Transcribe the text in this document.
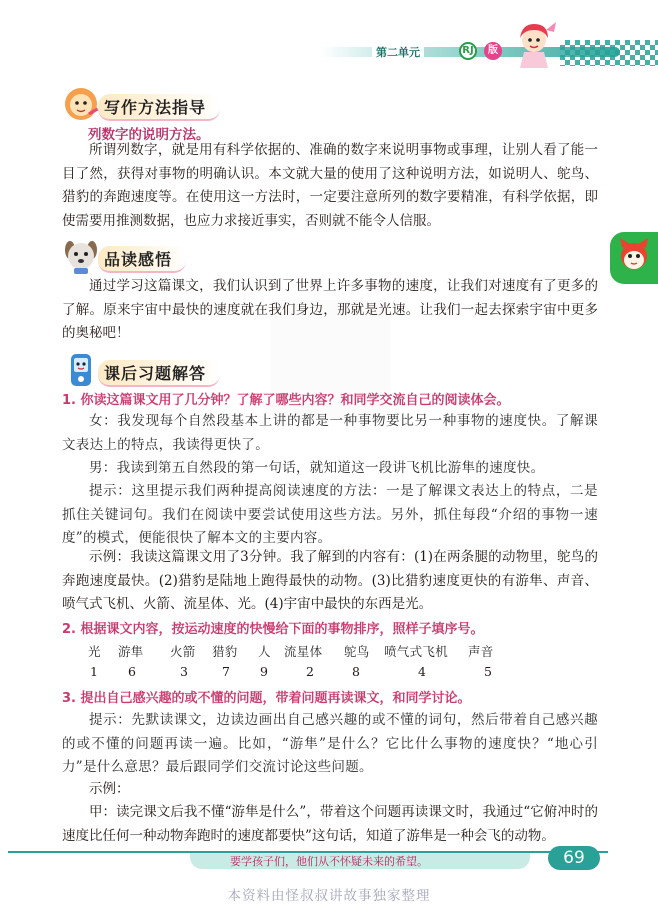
第二单元	RJ	版
写作方法指导
列数字的说明方法。

所谓列数字，就是用有科学依据的、准确的数字来说明事物或事理，让别人看了能一目了然，获得对事物的明确认识。本文就大量的使用了这种说明方法，如说明人、鸵鸟、猎豹的奔跑速度等。在使用这一方法时，一定要注意所列的数字要精准，有科学依据，即使需要用推测数据，也应力求接近事实，否则就不能令人信服。

品读感悟

通过学习这篇课文，我们认识到了世界上许多事物的速度，让我们对速度有了更多的了解。原来宇宙中最快的速度就在我们身边，那就是光速。让我们一起去探索宇宙中更多的奥秘吧！

课后习题解答
1. 你读这篇课文用了几分钟？了解了哪些内容？和同学交流自己的阅读体会。

女：我发现每个自然段基本上讲的都是一种事物要比另一种事物的速度快。了解课文表达上的特点，我读得更快了。

男：我读到第五自然段的第一句话，就知道这一段讲飞机比游隼的速度快。

提示：这里提示我们两种提高阅读速度的方法：一是了解课文表达上的特点，二是抓住关键词句。我们在阅读中要尝试使用这些方法。另外，抓住每段“介绍的事物一速度”的模式，便能很快了解本文的主要内容。

示例：我读这篇课文用了3分钟。我了解到的内容有：(1)在两条腿的动物里，鸵鸟的奔跑速度最快。(2)猎豹是陆地上跑得最快的动物。(3)比猎豹速度更快的有游隼、声音、喷气式飞机、火箭、流星体、光。(4)宇宙中最快的东西是光。

2. 根据课文内容，按运动速度的快慢给下面的事物排序，照样子填序号。
光 游隼 火箭 猎豹 人 流星体 鸵鸟 喷气式飞机 声音
1 6	3	7 9	2	8	4	5
3. 提出自己感兴趣的或不懂的问题，带着问题再读课文，和同学讨论。

提示：先默读课文，边读边画出自己感兴趣的或不懂的词句，然后带着自己感兴趣的或不懂的问题再读一遍。比如，“游隼”是什么？它比什么事物的速度快？“地心引力”是什么意思？最后跟同学们交流讨论这些问题。

示例：

甲：读完课文后我不懂“游隼是什么”，带着这个问题再读课文时，我通过“它俯冲时的速度比任何一种动物奔跑时的速度都要快”这句话，知道了游隼是一种会飞的动物。

要学孩子们，他们从不怀疑未来的希望。	69
本资料由怪叔叔讲故事独家整理
